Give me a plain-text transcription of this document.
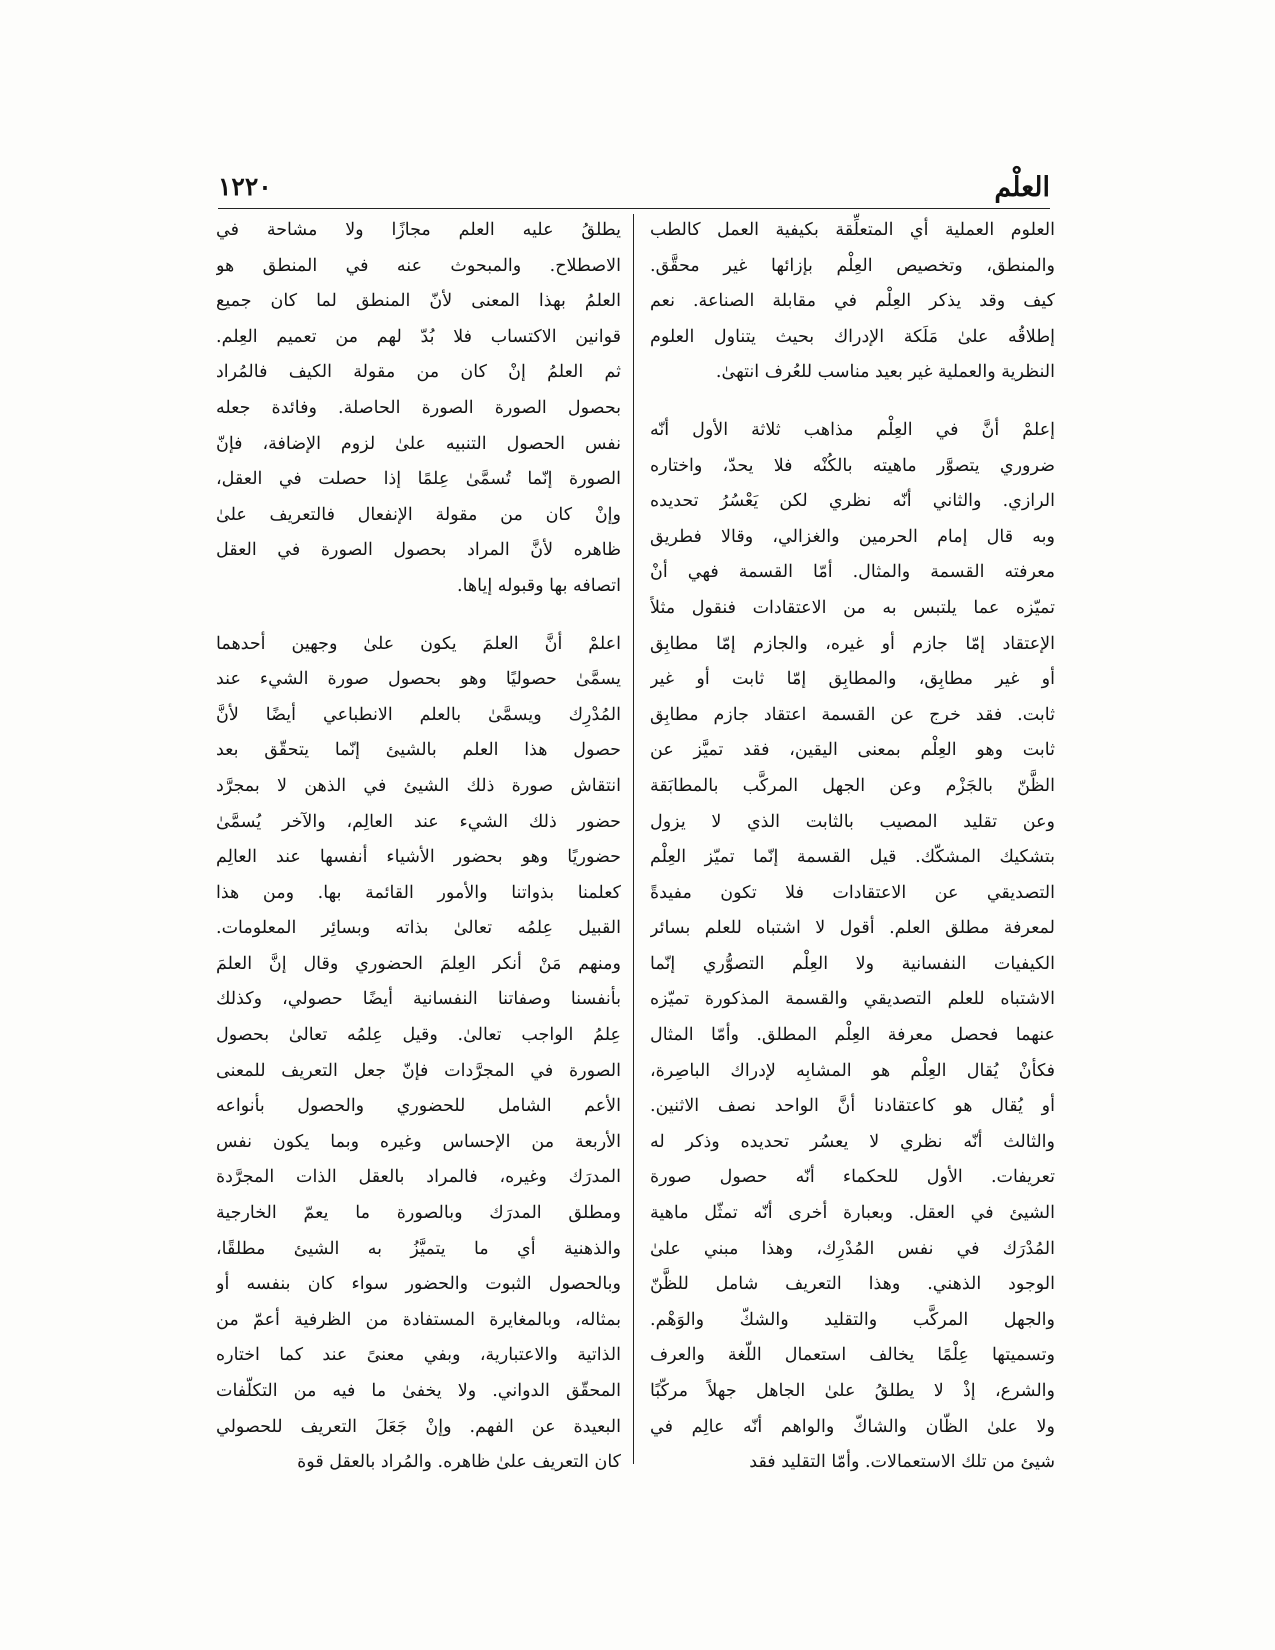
العلْم
١٢٢٠
العلوم العملية أي المتعلِّقة بكيفية العمل كالطب
والمنطق، وتخصيص العِلْم بإزائها غير محقَّق.
كيف وقد يذكر العِلْم في مقابلة الصناعة. نعم
إطلاقُه علىٰ مَلَكة الإدراك بحيث يتناول العلوم
النظرية والعملية غير بعيد مناسب للعُرف انتهىٰ.
إعلمْ أنَّ في العِلْم مذاهب ثلاثة الأول أنّه
ضروري يتصوَّر ماهيته بالكُنْه فلا يحدّ، واختاره
الرازي. والثاني أنّه نظري لكن يَعْسُرُ تحديده
وبه قال إمام الحرمين والغزالي، وقالا فطريق
معرفته القسمة والمثال. أمّا القسمة فهي أنْ
تميّزه عما يلتبس به من الاعتقادات فنقول مثلاً
الإعتقاد إمّا جازم أو غيره، والجازم إمّا مطابِق
أو غير مطابِق، والمطابِق إمّا ثابت أو غير
ثابت. فقد خرج عن القسمة اعتقاد جازم مطابِق
ثابت وهو العِلْم بمعنى اليقين، فقد تميَّز عن
الظَّنّ بالجَزْم وعن الجهل المركَّب بالمطابَقة
وعن تقليد المصيب بالثابت الذي لا يزول
بتشكيك المشكّك. قيل القسمة إنّما تميّز العِلْم
التصديقي عن الاعتقادات فلا تكون مفيدةً
لمعرفة مطلق العلم. أقول لا اشتباه للعلم بسائر
الكيفيات النفسانية ولا العِلْم التصوُّري إنّما
الاشتباه للعلم التصديقي والقسمة المذكورة تميّزه
عنهما فحصل معرفة العِلْم المطلق. وأمّا المثال
فكأنْ يُقال العِلْم هو المشابِه لإدراك الباصِرة،
أو يُقال هو كاعتقادنا أنَّ الواحد نصف الاثنين.
والثالث أنّه نظري لا يعسُر تحديده وذكر له
تعريفات. الأول للحكماء أنّه حصول صورة
الشيئ في العقل. وبعبارة أخرى أنّه تمثّل ماهية
المُدْرَك في نفس المُدْرِك، وهذا مبني علىٰ
الوجود الذهني. وهذا التعريف شامل للظَّنّ
والجهل المركَّب والتقليد والشكّ والوَهْم.
وتسميتها عِلْمًا يخالف استعمال اللّغة والعرف
والشرع، إذْ لا يطلقُ علىٰ الجاهل جهلاً مركّبًا
ولا علىٰ الظّان والشاكّ والواهم أنّه عالِم في
شيئ من تلك الاستعمالات. وأمّا التقليد فقد
يطلقُ عليه العلم مجازًا ولا مشاحة في
الاصطلاح. والمبحوث عنه في المنطق هو
العلمُ بهذا المعنى لأنّ المنطق لما كان جميع
قوانين الاكتساب فلا بُدّ لهم من تعميم العِلم.
ثم العلمُ إنْ كان من مقولة الكيف فالمُراد
بحصول الصورة الصورة الحاصلة. وفائدة جعله
نفس الحصول التنبيه علىٰ لزوم الإضافة، فإنّ
الصورة إنّما تُسمَّىٰ عِلمًا إذا حصلت في العقل،
وإنْ كان من مقولة الإنفعال فالتعريف علىٰ
ظاهره لأنَّ المراد بحصول الصورة في العقل
اتصافه بها وقبوله إياها.
اعلمْ أنَّ العلمَ يكون علىٰ وجهين أحدهما
يسمَّىٰ حصوليًا وهو بحصول صورة الشيء عند
المُدْرِك ويسمَّىٰ بالعلم الانطباعي أيضًا لأنَّ
حصول هذا العلم بالشيئ إنّما يتحقّق بعد
انتقاش صورة ذلك الشيئ في الذهن لا بمجرَّد
حضور ذلك الشيء عند العالِم، والآخر يُسمَّىٰ
حضوريًا وهو بحضور الأشياء أنفسها عند العالِم
كعلمنا بذواتنا والأمور القائمة بها. ومن هذا
القبيل عِلمُه تعالىٰ بذاته وبسائِر المعلومات.
ومنهم مَنْ أنكر العِلمَ الحضوري وقال إنَّ العلمَ
بأنفسنا وصفاتنا النفسانية أيضًا حصولي، وكذلك
عِلمُ الواجب تعالىٰ. وقيل عِلمُه تعالىٰ بحصول
الصورة في المجرَّدات فإنّ جعل التعريف للمعنى
الأعم الشامل للحضوري والحصول بأنواعه
الأربعة من الإحساس وغيره وبما يكون نفس
المدرَك وغيره، فالمراد بالعقل الذات المجرَّدة
ومطلق المدرَك وبالصورة ما يعمّ الخارجية
والذهنية أي ما يتميَّزُ به الشيئ مطلقًا،
وبالحصول الثبوت والحضور سواء كان بنفسه أو
بمثاله، وبالمغايرة المستفادة من الظرفية أعمّ من
الذاتية والاعتبارية، وبفي معنىً عند كما اختاره
المحقّق الدواني. ولا يخفىٰ ما فيه من التكلّفات
البعيدة عن الفهم. وإنْ جَعَلَ التعريف للحصولي
كان التعريف علىٰ ظاهره. والمُراد بالعقل قوة
